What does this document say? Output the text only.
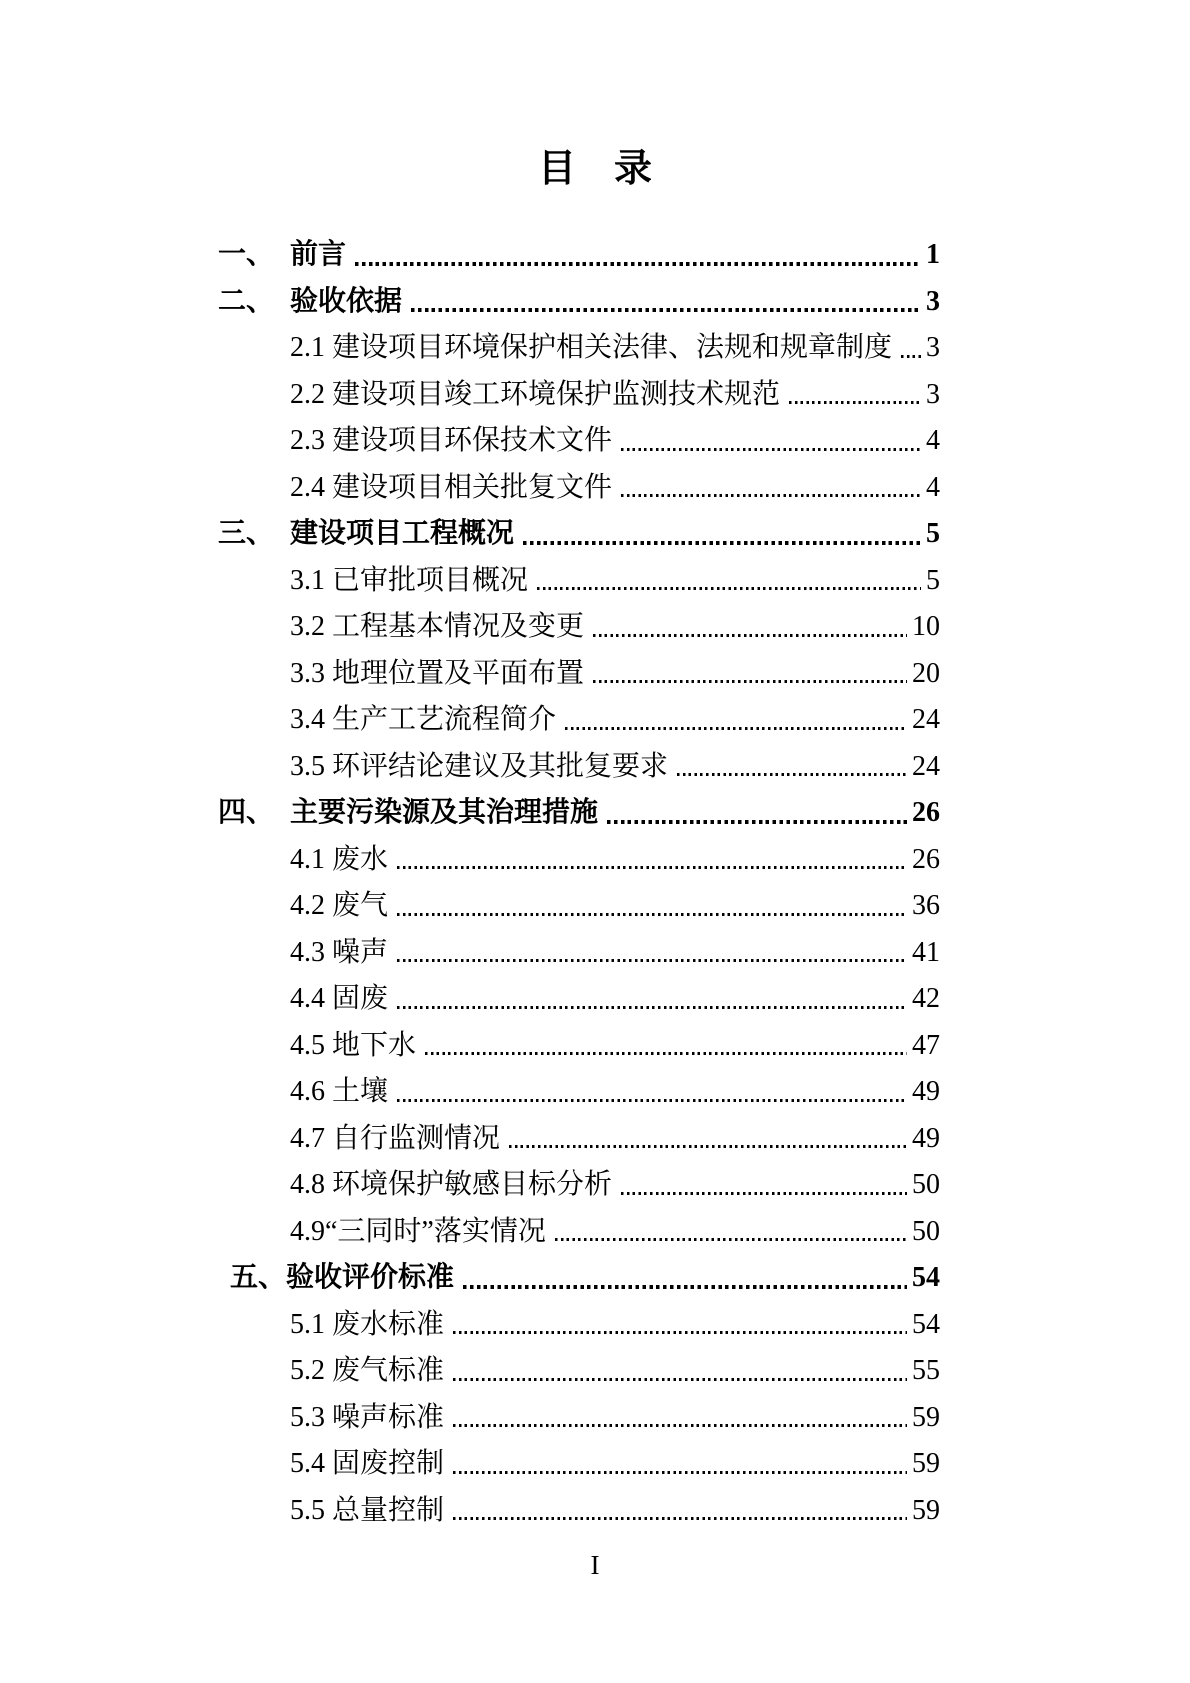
目　录
一、 前言	1
二、 验收依据	3
2.1 建设项目环境保护相关法律、法规和规章制度 3
2.2 建设项目竣工环境保护监测技术规范	3
2.3 建设项目环保技术文件	4
2.4 建设项目相关批复文件	4
三、 建设项目工程概况	5
3.1 已审批项目概况	5
3.2 工程基本情况及变更	10
3.3 地理位置及平面布置	20
3.4 生产工艺流程简介	24
3.5 环评结论建议及其批复要求	24
四、 主要污染源及其治理措施	26
4.1 废水	26
4.2 废气	36
4.3 噪声	41
4.4 固废	42
4.5 地下水	47
4.6 土壤	49
4.7 自行监测情况	49
4.8 环境保护敏感目标分析	50
4.9“三同时”落实情况	50
五、 验收评价标准	54
5.1 废水标准	54
5.2 废气标准	55
5.3 噪声标准	59
5.4 固废控制	59
5.5 总量控制	59
I
